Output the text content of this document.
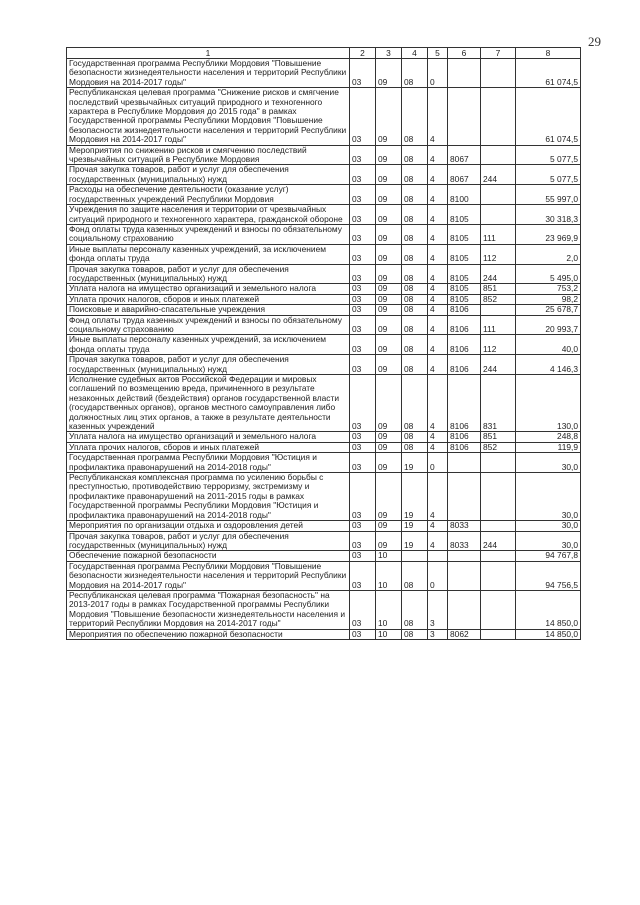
29
1	2	3	4	5	6	7	8
Государственная программа Республики Мордовия "Повышение безопасности жизнедеятельности населения и территорий Республики Мордовия на 2014-2017 годы"	03	09	08	0			61 074,5
Республиканская целевая программа "Снижение рисков и смягчение последствий чрезвычайных ситуаций природного и техногенного характера в Республике Мордовия до 2015 года" в рамках Государственной программы Республики Мордовия "Повышение безопасности жизнедеятельности населения и территорий Республики Мордовия на 2014-2017 годы"	03	09	08	4			61 074,5
Мероприятия по снижению рисков и смягчению последствий чрезвычайных ситуаций в Республике Мордовия	03	09	08	4	8067		5 077,5
Прочая закупка товаров, работ и услуг для обеспечения государственных (муниципальных) нужд	03	09	08	4	8067	244	5 077,5
Расходы на обеспечение деятельности (оказание услуг) государственных учреждений Республики Мордовия	03	09	08	4	8100		55 997,0
Учреждения по защите населения и территории от чрезвычайных ситуаций природного и техногенного характера, гражданской обороне	03	09	08	4	8105		30 318,3
Фонд оплаты труда казенных учреждений и взносы по обязательному социальному страхованию	03	09	08	4	8105	111	23 969,9
Иные выплаты персоналу казенных учреждений, за исключением фонда оплаты труда	03	09	08	4	8105	112	2,0
Прочая закупка товаров, работ и услуг для обеспечения государственных (муниципальных) нужд	03	09	08	4	8105	244	5 495,0
Уплата налога на имущество организаций и земельного налога	03	09	08	4	8105	851	753,2
Уплата прочих налогов, сборов и иных платежей	03	09	08	4	8105	852	98,2
Поисковые и аварийно-спасательные учреждения	03	09	08	4	8106		25 678,7
Фонд оплаты труда казенных учреждений и взносы по обязательному социальному страхованию	03	09	08	4	8106	111	20 993,7
Иные выплаты персоналу казенных учреждений, за исключением фонда оплаты труда	03	09	08	4	8106	112	40,0
Прочая закупка товаров, работ и услуг для обеспечения государственных (муниципальных) нужд	03	09	08	4	8106	244	4 146,3
Исполнение судебных актов Российской Федерации и мировых соглашений по возмещению вреда, причиненного в результате незаконных действий (бездействия) органов государственной власти (государственных органов), органов местного самоуправления либо должностных лиц этих органов, а также в результате деятельности казенных учреждений	03	09	08	4	8106	831	130,0
Уплата налога на имущество организаций и земельного налога	03	09	08	4	8106	851	248,8
Уплата прочих налогов, сборов и иных платежей	03	09	08	4	8106	852	119,9
Государственная программа Республики Мордовия "Юстиция и профилактика правонарушений на 2014-2018 годы"	03	09	19	0			30,0
Республиканская комплексная программа по усилению борьбы с преступностью, противодействию терроризму, экстремизму и профилактике правонарушений на 2011-2015 годы в рамках Государственной программы Республики Мордовия "Юстиция и профилактика правонарушений на 2014-2018 годы"	03	09	19	4			30,0
Мероприятия по организации отдыха и оздоровления детей	03	09	19	4	8033		30,0
Прочая закупка товаров, работ и услуг для обеспечения государственных (муниципальных) нужд	03	09	19	4	8033	244	30,0
Обеспечение пожарной безопасности	03	10					94 767,8
Государственная программа Республики Мордовия "Повышение безопасности жизнедеятельности населения и территорий Республики Мордовия на 2014-2017 годы"	03	10	08	0			94 756,5
Республиканская целевая программа "Пожарная безопасность" на 2013-2017 годы в рамках Государственной программы Республики Мордовия "Повышение безопасности жизнедеятельности населения и территорий Республики Мордовия на 2014-2017 годы"	03	10	08	3			14 850,0
Мероприятия по обеспечению пожарной безопасности	03	10	08	3	8062		14 850,0
